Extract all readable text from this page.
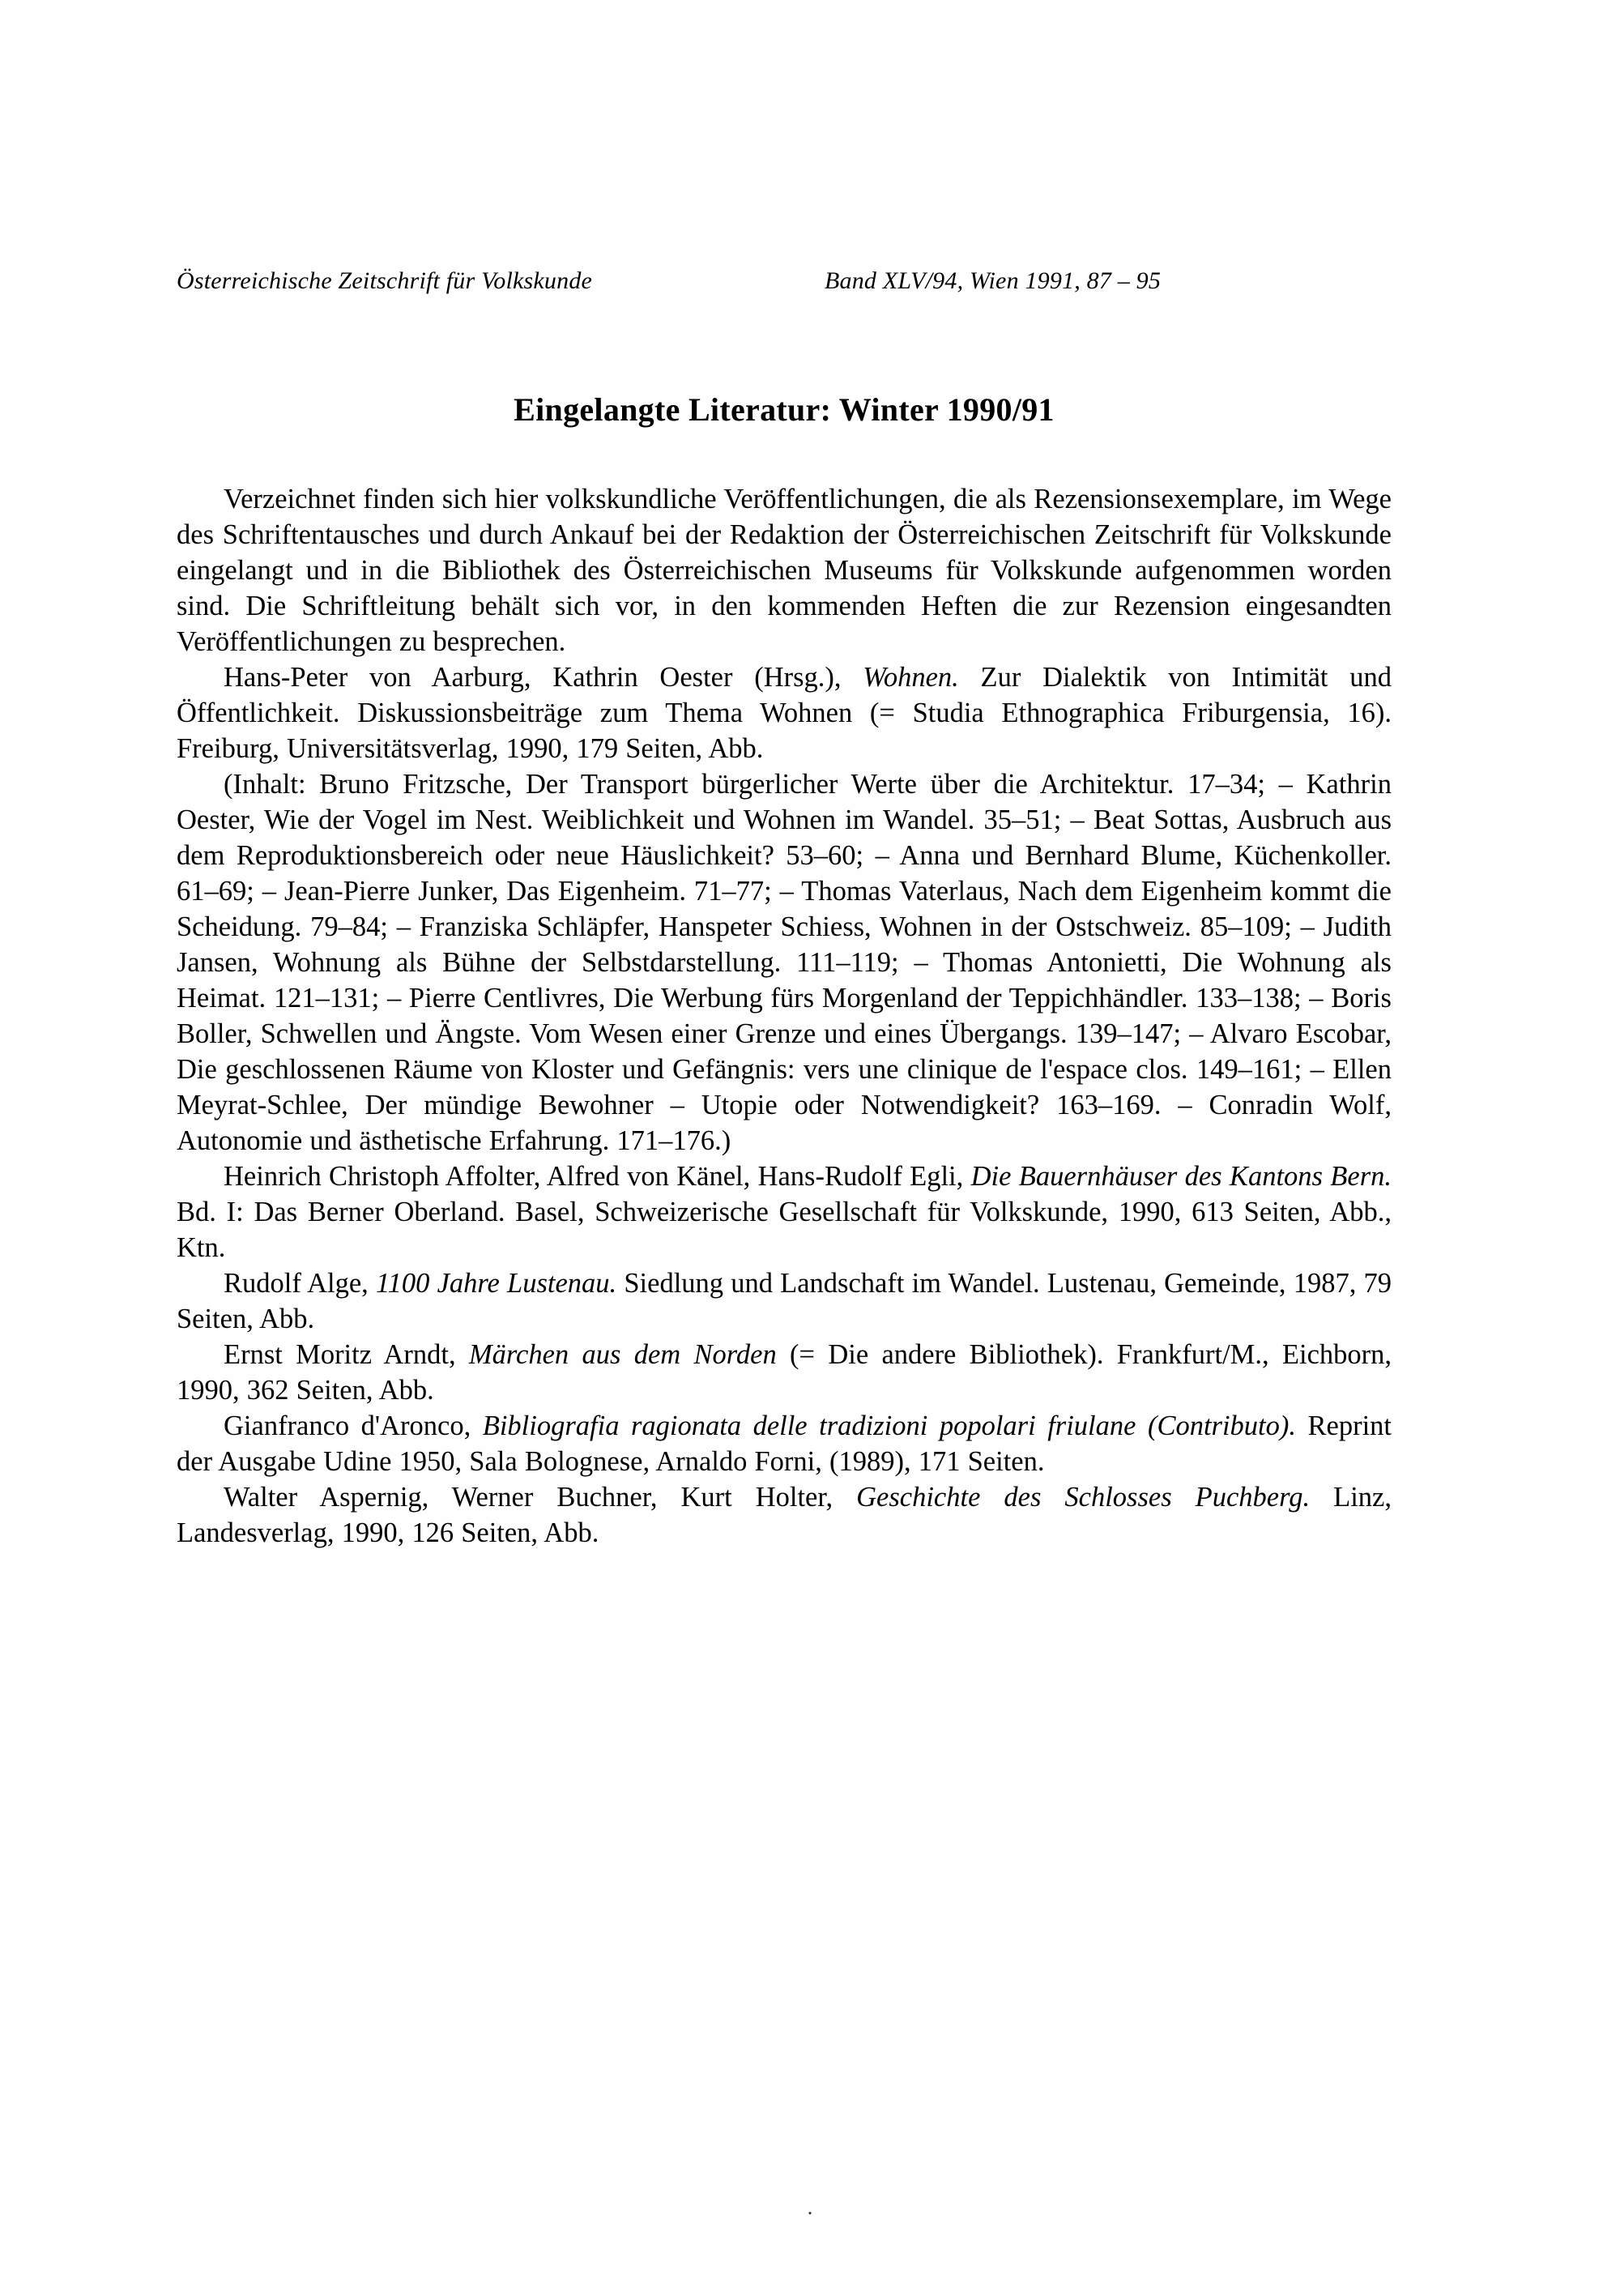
Österreichische Zeitschrift für Volkskunde	Band XLV/94, Wien 1991, 87 – 95
Eingelangte Literatur: Winter 1990/91

Verzeichnet finden sich hier volkskundliche Veröffentlichungen, die als Rezensionsexemplare, im Wege des Schriftentausches und durch Ankauf bei der Redaktion der Österreichischen Zeitschrift für Volkskunde eingelangt und in die Bibliothek des Österreichischen Museums für Volkskunde aufgenommen worden sind. Die Schriftleitung behält sich vor, in den kommenden Heften die zur Rezension eingesandten Veröffentlichungen zu besprechen.

Hans-Peter von Aarburg, Kathrin Oester (Hrsg.), Wohnen. Zur Dialektik von Intimität und Öffentlichkeit. Diskussionsbeiträge zum Thema Wohnen (= Studia Ethnographica Friburgensia, 16). Freiburg, Universitätsverlag, 1990, 179 Seiten, Abb.

(Inhalt: Bruno Fritzsche, Der Transport bürgerlicher Werte über die Architektur. 17–34; – Kathrin Oester, Wie der Vogel im Nest. Weiblichkeit und Wohnen im Wandel. 35–51; – Beat Sottas, Ausbruch aus dem Reproduktionsbereich oder neue Häuslichkeit? 53–60; – Anna und Bernhard Blume, Küchenkoller. 61–69; – Jean-Pierre Junker, Das Eigenheim. 71–77; – Thomas Vaterlaus, Nach dem Eigenheim kommt die Scheidung. 79–84; – Franziska Schläpfer, Hanspeter Schiess, Wohnen in der Ostschweiz. 85–109; – Judith Jansen, Wohnung als Bühne der Selbstdarstellung. 111–119; – Thomas Antonietti, Die Wohnung als Heimat. 121–131; – Pierre Centlivres, Die Werbung fürs Morgenland der Teppichhändler. 133–138; – Boris Boller, Schwellen und Ängste. Vom Wesen einer Grenze und eines Übergangs. 139–147; – Alvaro Escobar, Die geschlossenen Räume von Kloster und Gefängnis: vers une clinique de l'espace clos. 149–161; – Ellen Meyrat-Schlee, Der mündige Bewohner – Utopie oder Notwendigkeit? 163–169. – Conradin Wolf, Autonomie und ästhetische Erfahrung. 171–176.)

Heinrich Christoph Affolter, Alfred von Känel, Hans-Rudolf Egli, Die Bauernhäuser des Kantons Bern. Bd. I: Das Berner Oberland. Basel, Schweizerische Gesellschaft für Volkskunde, 1990, 613 Seiten, Abb., Ktn.

Rudolf Alge, 1100 Jahre Lustenau. Siedlung und Landschaft im Wandel. Lustenau, Gemeinde, 1987, 79 Seiten, Abb.

Ernst Moritz Arndt, Märchen aus dem Norden (= Die andere Bibliothek). Frankfurt/M., Eichborn, 1990, 362 Seiten, Abb.

Gianfranco d'Aronco, Bibliografia ragionata delle tradizioni popolari friulane (Contributo). Reprint der Ausgabe Udine 1950, Sala Bolognese, Arnaldo Forni, (1989), 171 Seiten.

Walter Aspernig, Werner Buchner, Kurt Holter, Geschichte des Schlosses Puchberg. Linz, Landesverlag, 1990, 126 Seiten, Abb.

.
